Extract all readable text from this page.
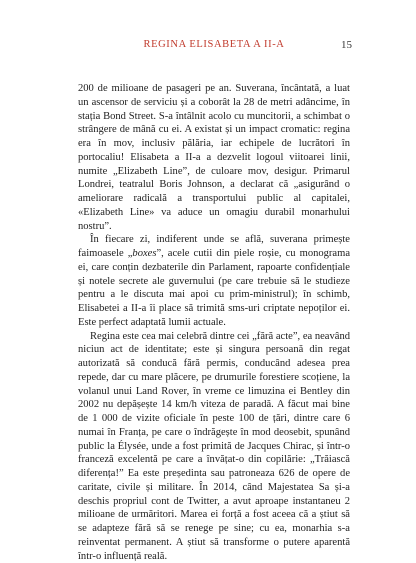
REGINA ELISABETA A II-A	15

200 de milioane de pasageri pe an. Suverana, încântată, a luat un ascensor de serviciu și a coborât la 28 de metri adâncime, în stația Bond Street. S-a întâlnit acolo cu muncitorii, a schimbat o strângere de mână cu ei. A existat și un impact cromatic: regina era în mov, inclusiv pălăria, iar echipele de lucrători în portocaliu! Elisabeta a II-a a dezvelit logoul viitoarei linii, numite „Elizabeth Line”, de culoare mov, desigur. Primarul Londrei, teatralul Boris Johnson, a declarat că „asigurând o ameliorare radicală a transportului public al capitalei, «Elizabeth Line» va aduce un omagiu durabil monarhului nostru”.

În fiecare zi, indiferent unde se află, suverana primește faimoasele „boxes”, acele cutii din piele roșie, cu monograma ei, care conțin dezbaterile din Parlament, rapoarte confidențiale și notele secrete ale guvernului (pe care trebuie să le studieze pentru a le discuta mai apoi cu prim-ministrul); în schimb, Elisabetei a II-a îi place să trimită sms-uri criptate nepoților ei. Este perfect adaptată lumii actuale.

Regina este cea mai celebră dintre cei „fără acte”, ea neavând niciun act de identitate; este și singura persoană din regat autorizată să conducă fără permis, conducând adesea prea repede, dar cu mare plăcere, pe drumurile forestiere scoțiene, la volanul unui Land Rover, în vreme ce limuzina ei Bentley din 2002 nu depășește 14 km/h viteza de paradă. A făcut mai bine de 1 000 de vizite oficiale în peste 100 de țări, dintre care 6 numai în Franța, pe care o îndrăgește în mod deosebit, spunând public la Élysée, unde a fost primită de Jacques Chirac, și într-o franceză excelentă pe care a învățat-o din copilărie: „Trăiască diferența!” Ea este președinta sau patroneaza 626 de opere de caritate, civile și militare. În 2014, când Majestatea Sa și-a deschis propriul cont de Twitter, a avut aproape instantaneu 2 milioane de urmăritori. Marea ei forță a fost aceea că a știut să se adapteze fără să se renege pe sine; cu ea, monarhia s-a reinventat permanent. A știut să transforme o putere aparentă într-o influență reală.
